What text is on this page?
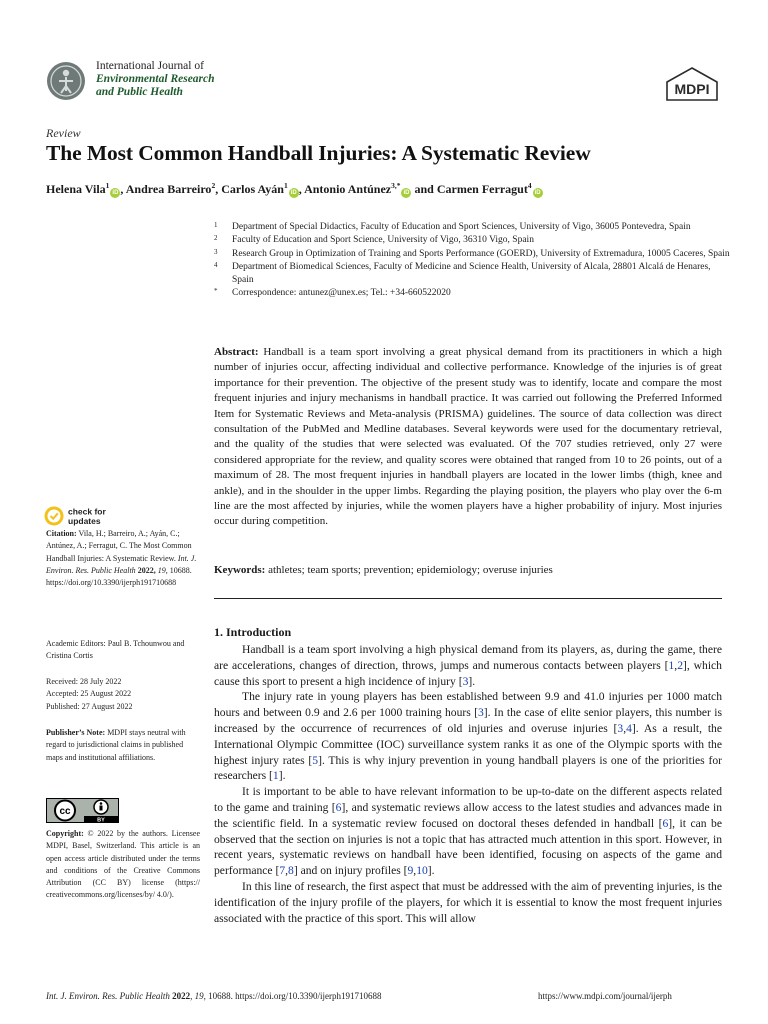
International Journal of
Environmental Research
and Public Health	MDPI
Review
The Most Common Handball Injuries: A Systematic Review
Helena Vila$^1$iD , Andrea Barreiro$^2$, Carlos Ayán$^1$iD , Antonio Antúnez$^{3,*}$iD and Carmen Ferragut$^4$iD
1 Department of Special Didactics, Faculty of Education and Sport Sciences, University of Vigo, 36005 Pontevedra, Spain
2 Faculty of Education and Sport Science, University of Vigo, 36310 Vigo, Spain
3 Research Group in Optimization of Training and Sports Performance (GOERD), University of Extremadura, 10005 Caceres, Spain
4 Department of Biomedical Sciences, Faculty of Medicine and Science Health, University of Alcala, 28801 Alcalá de Henares, Spain
* Correspondence: antunez@unex.es; Tel.: +34-660522020
Abstract: Handball is a team sport involving a great physical demand from its practitioners in which a high number of injuries occur, affecting individual and collective performance. Knowledge of the injuries is of great importance for their prevention. The objective of the present study was to identify, locate and compare the most frequent injuries and injury mechanisms in handball practice. It was carried out following the Preferred Informed Item for Systematic Reviews and Meta-analysis (PRISMA) guidelines. The source of data collection was direct consultation of the PubMed and Medline databases. Several keywords were used for the documentary retrieval, and the quality of the studies that were selected was evaluated. Of the 707 studies retrieved, only 27 were considered appropriate for the review, and quality scores were obtained that ranged from 10 to 26 points, out of a maximum of 28. The most frequent injuries in handball players are located in the lower limbs (thigh, knee and ankle), and in the shoulder in the upper limbs. Regarding the playing position, the players who play over the 6-m line are the most affected by injuries, while the women players have a higher probability of injury. Most injuries occur during competition.
Keywords: athletes; team sports; prevention; epidemiology; overuse injuries
check for
updates
Citation: Vila, H.; Barreiro, A.; Ayán, C.; Antúnez, A.; Ferragut, C. The Most Common Handball Injuries: A Systematic Review. Int. J. Environ. Res. Public Health 2022, 19, 10688. https://doi.org/10.3390/ijerph191710688
Academic Editors: Paul B. Tchounwou and Cristina Cortis
Received: 28 July 2022
Accepted: 25 August 2022
Published: 27 August 2022
Publisher’s Note: MDPI stays neutral with regard to jurisdictional claims in published maps and institutional affiliations.
cc
BY
Copyright: © 2022 by the authors. Licensee MDPI, Basel, Switzerland. This article is an open access article distributed under the terms and conditions of the Creative Commons Attribution (CC BY) license (https:// creativecommons.org/licenses/by/ 4.0/).
1. Introduction

Handball is a team sport involving a high physical demand from its players, as, during the game, there are accelerations, changes of direction, throws, jumps and numerous contacts between players [1,2], which cause this sport to present a high incidence of injury [3].

The injury rate in young players has been established between 9.9 and 41.0 injuries per 1000 match hours and between 0.9 and 2.6 per 1000 training hours [3]. In the case of elite senior players, this number is increased by the occurrence of recurrences of old injuries and overuse injuries [3,4]. As a result, the International Olympic Committee (IOC) surveillance system ranks it as one of the Olympic sports with the highest injury rates [5]. This is why injury prevention in young handball players is one of the priorities for researchers [1].

It is important to be able to have relevant information to be up-to-date on the different aspects related to the game and training [6], and systematic reviews allow access to the latest studies and advances made in the scientific field. In a systematic review focused on doctoral theses defended in handball [6], it can be observed that the section on injuries is not a topic that has attracted much attention in this sport. However, in recent years, systematic reviews on handball have been identified, focusing on aspects of the game and performance [7,8] and on injury profiles [9,10].

In this line of research, the first aspect that must be addressed with the aim of preventing injuries, is the identification of the injury profile of the players, for which it is essential to know the most frequent injuries associated with the practice of this sport. This will allow

Int. J. Environ. Res. Public Health 2022, 19, 10688. https://doi.org/10.3390/ijerph191710688	https://www.mdpi.com/journal/ijerph
